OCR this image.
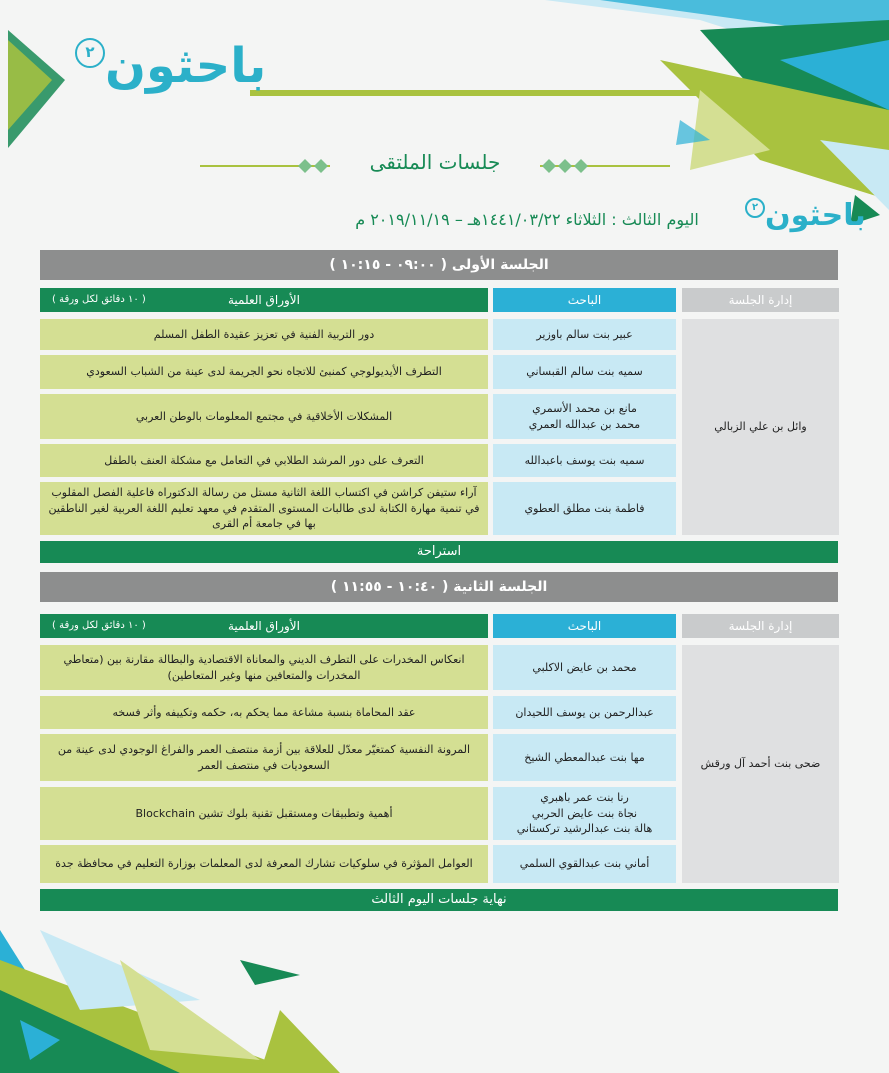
باحثون٢
جلسات الملتقى
باحثون٢
اليوم الثالث : الثلاثاء ١٤٤١/٠٣/٢٢هـ – ٢٠١٩/١١/١٩ م
الجلسة الأولى ( ٠٩:٠٠ - ١٠:١٥ )
إدارة الجلسة
الباحث
الأوراق العلمية
( ١٠ دقائق لكل ورقة )
وائل بن علي الزبالي
عبير بنت سالم باوزير
دور التربية الفنية في تعزيز عقيدة الطفل المسلم
سميه بنت سالم القبساني
التطرف الأيديولوجي كمنبئ للاتجاه نحو الجريمة لدى عينة من الشباب السعودي
مانع بن محمد الأسمري
محمد بن عبدالله العمري
المشكلات الأخلاقية في مجتمع المعلومات بالوطن العربي
سميه بنت يوسف باعبدالله
التعرف على دور المرشد الطلابي في التعامل مع مشكلة العنف بالطفل
فاطمة بنت مطلق العطوي
آراء ستيفن كراشن في اكتساب اللغة الثانية مستل من رسالة الدكتوراه فاعلية الفصل المقلوب في تنمية مهارة الكتابة لدى طالبات المستوى المتقدم في معهد تعليم اللغة العربية لغير الناطقين بها في جامعة أم القرى
استراحة
الجلسة الثانية ( ١٠:٤٠ - ١١:٥٥ )
إدارة الجلسة
الباحث
الأوراق العلمية
( ١٠ دقائق لكل ورقة )
ضحى بنت أحمد آل ورقش
محمد بن عايض الاكلبي
انعكاس المخدرات على التطرف الديني والمعاناة الاقتصادية والبطالة مقارنة بين (متعاطي المخدرات والمتعافين منها وغير المتعاطين)
عبدالرحمن بن يوسف اللحيدان
عقد المحاماة بنسبة مشاعة مما يحكم به، حكمه وتكييفه وأثر فسخه
مها بنت عبدالمعطي الشيخ
المرونة النفسية كمتغيّر معدّل للعلاقة بين أزمة منتصف العمر والفراغ الوجودي لدى عينة من السعوديات في منتصف العمر
رنا بنت عمر باهبري
نجاة بنت عايض الحربي
هالة بنت عبدالرشيد تركستاني
أهمية وتطبيقات ومستقبل تقنية بلوك تشين Blockchain
أماني بنت عبدالقوي السلمي
العوامل المؤثرة في سلوكيات تشارك المعرفة لدى المعلمات بوزارة التعليم في محافظة جدة
نهاية جلسات اليوم الثالث
